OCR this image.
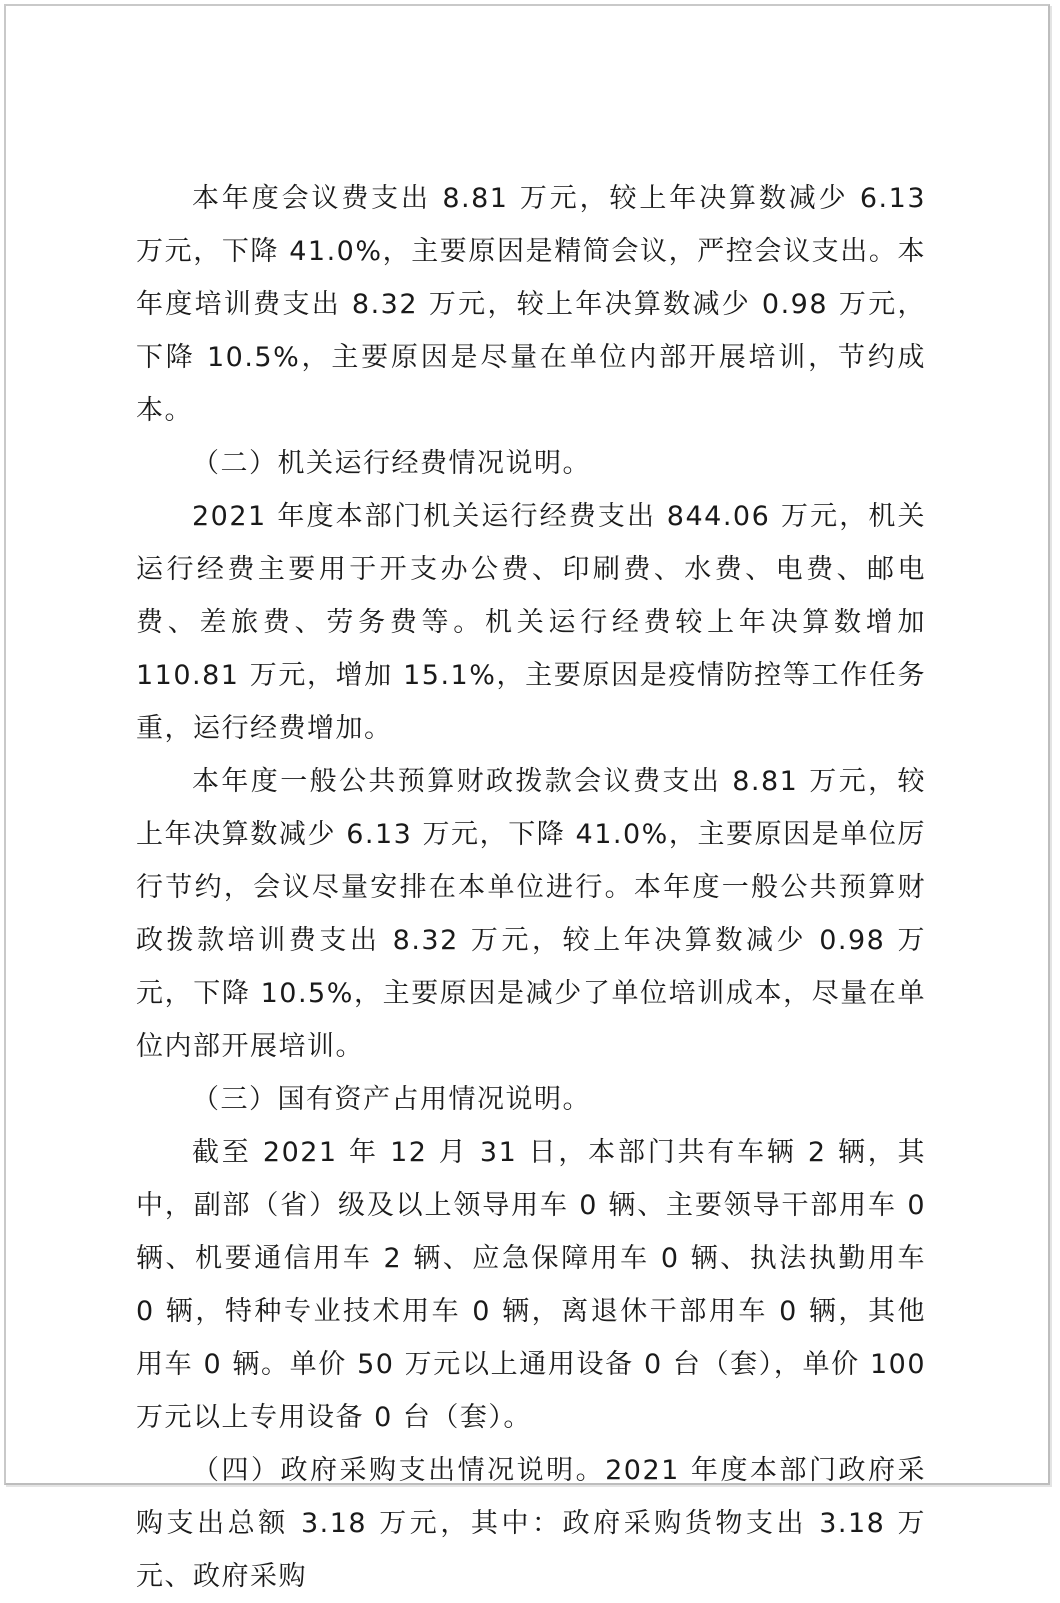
本年度会议费支出 8.81 万元，较上年决算数减少 6.13 万元，下降 41.0%，主要原因是精简会议，严控会议支出。本年度培训费支出 8.32 万元，较上年决算数减少 0.98 万元，下降 10.5%，主要原因是尽量在单位内部开展培训，节约成本。

（二）机关运行经费情况说明。

2021 年度本部门机关运行经费支出 844.06 万元，机关运行经费主要用于开支办公费、印刷费、水费、电费、邮电费、差旅费、劳务费等。机关运行经费较上年决算数增加 110.81 万元，增加 15.1%，主要原因是疫情防控等工作任务重，运行经费增加。

本年度一般公共预算财政拨款会议费支出 8.81 万元，较上年决算数减少 6.13 万元，下降 41.0%，主要原因是单位厉行节约，会议尽量安排在本单位进行。本年度一般公共预算财政拨款培训费支出 8.32 万元，较上年决算数减少 0.98 万元，下降 10.5%，主要原因是减少了单位培训成本，尽量在单位内部开展培训。

（三）国有资产占用情况说明。

截至 2021 年 12 月 31 日，本部门共有车辆 2 辆，其中，副部（省）级及以上领导用车 0 辆、主要领导干部用车 0 辆、机要通信用车 2 辆、应急保障用车 0 辆、执法执勤用车 0 辆，特种专业技术用车 0 辆，离退休干部用车 0 辆，其他用车 0 辆。单价 50 万元以上通用设备 0 台（套），单价 100 万元以上专用设备 0 台（套）。

（四）政府采购支出情况说明。2021 年度本部门政府采购支出总额 3.18 万元，其中：政府采购货物支出 3.18 万元、政府采购
